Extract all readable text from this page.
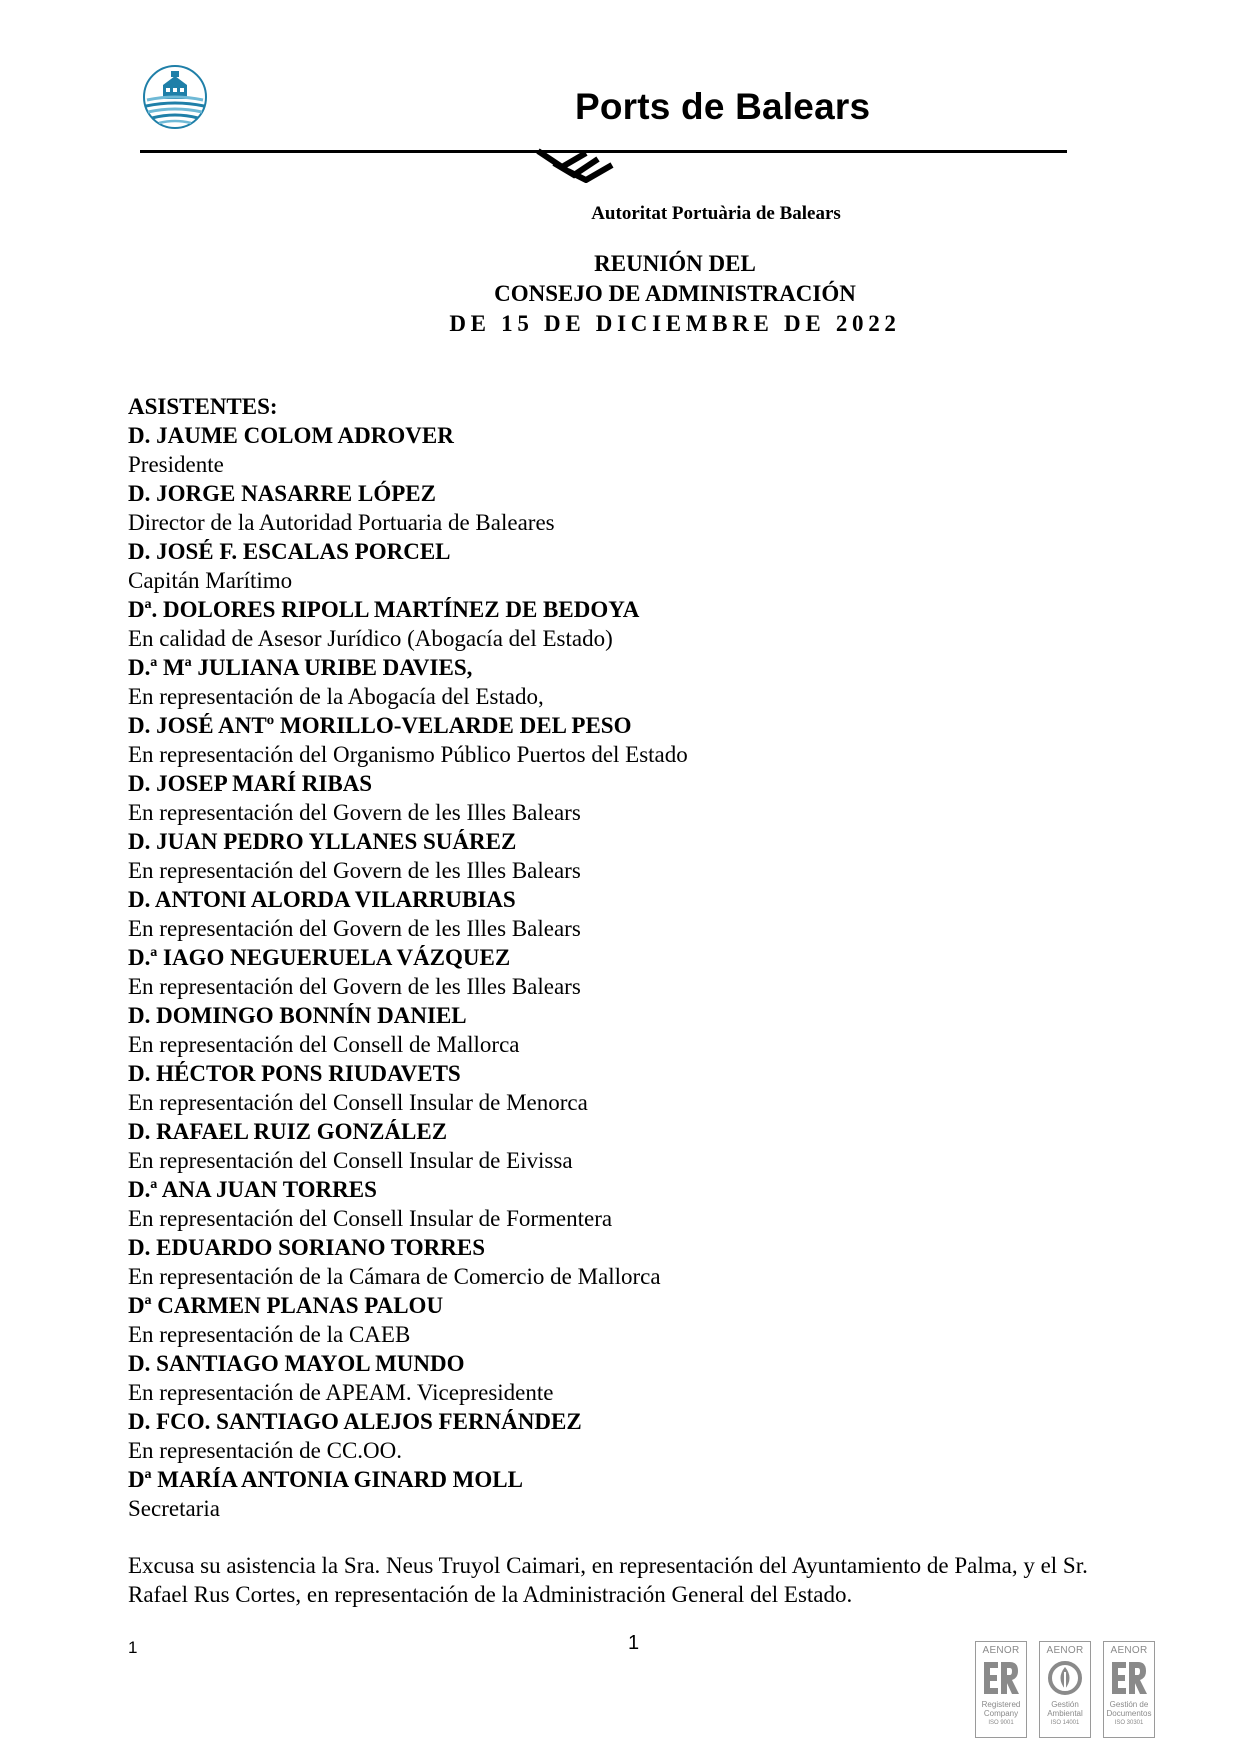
Ports de Balears
Autoritat Portuària de Balears
REUNIÓN DEL
CONSEJO DE ADMINISTRACIÓN
DE 15 DE DICIEMBRE DE 2022
ASISTENTES:
D. JAUME COLOM ADROVER
Presidente
D. JORGE NASARRE LÓPEZ
Director de la Autoridad Portuaria de Baleares
D. JOSÉ F. ESCALAS PORCEL
Capitán Marítimo
Dª. DOLORES RIPOLL MARTÍNEZ DE BEDOYA
En calidad de Asesor Jurídico (Abogacía del Estado)
D.ª Mª JULIANA URIBE DAVIES,
En representación de la Abogacía del Estado,
D. JOSÉ ANTº MORILLO-VELARDE DEL PESO
En representación del Organismo Público Puertos del Estado
D. JOSEP MARÍ RIBAS
En representación del Govern de les Illes Balears
D. JUAN PEDRO YLLANES SUÁREZ
En representación del Govern de les Illes Balears
D. ANTONI ALORDA VILARRUBIAS
En representación del Govern de les Illes Balears
D.ª IAGO NEGUERUELA VÁZQUEZ
En representación del Govern de les Illes Balears
D. DOMINGO BONNÍN DANIEL
En representación del Consell de Mallorca
D. HÉCTOR PONS RIUDAVETS
En representación del Consell Insular de Menorca
D. RAFAEL RUIZ GONZÁLEZ
En representación del Consell Insular de Eivissa
D.ª ANA JUAN TORRES
En representación del Consell Insular de Formentera
D. EDUARDO SORIANO TORRES
En representación de la Cámara de Comercio de Mallorca
Dª CARMEN PLANAS PALOU
En representación de la CAEB
D. SANTIAGO MAYOL MUNDO
En representación de APEAM. Vicepresidente
D. FCO. SANTIAGO ALEJOS FERNÁNDEZ
En representación de CC.OO.
Dª MARÍA ANTONIA GINARD MOLL
Secretaria
Excusa su asistencia la Sra. Neus Truyol Caimari, en representación del Ayuntamiento de Palma, y el Sr. Rafael Rus Cortes, en representación de la Administración General del Estado.
1
1	AENOR
Registered Company
ISO 9001
AENOR
Gestión Ambiental
ISO 14001
AENOR
Gestión de Documentos
ISO 30301
